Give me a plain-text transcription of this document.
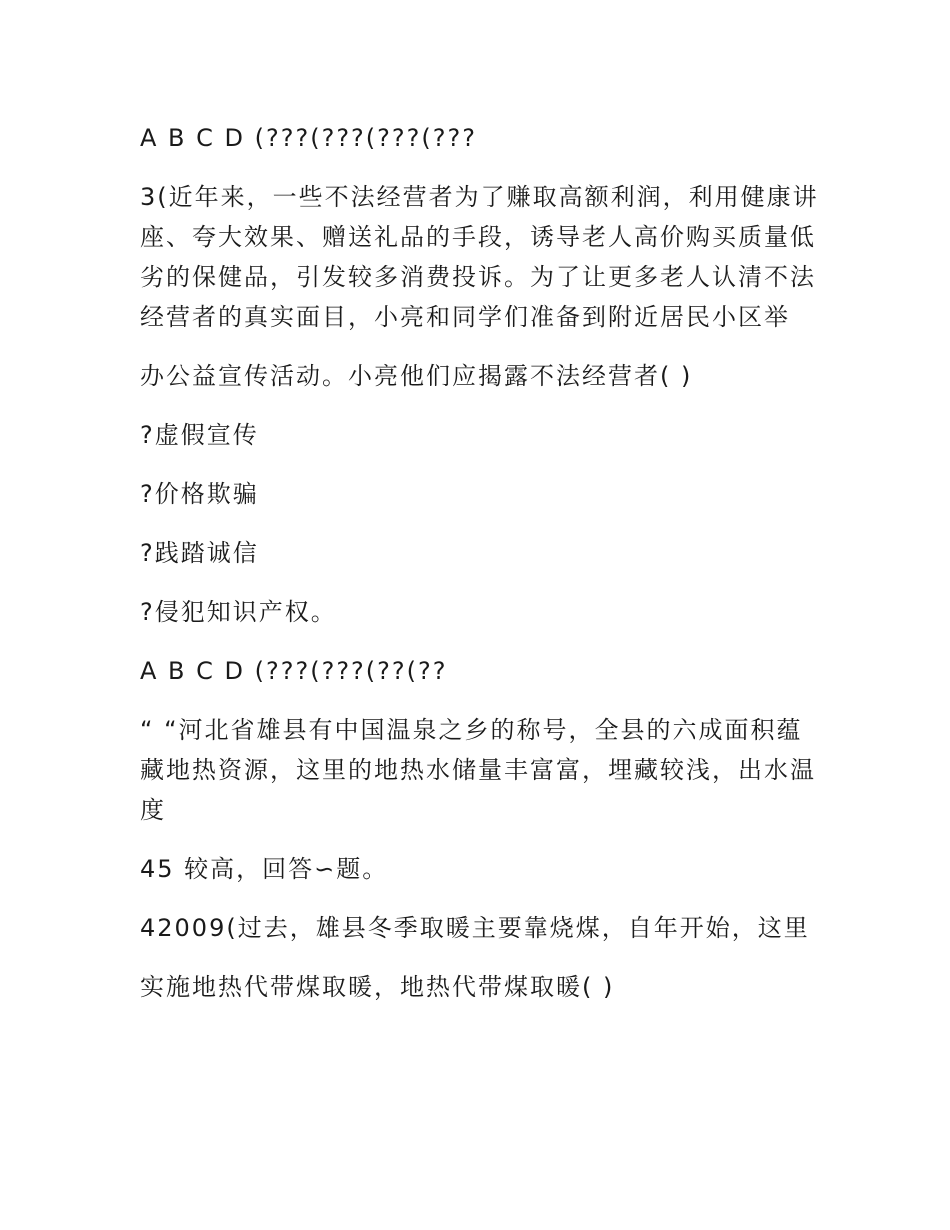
A B C D (???(???(???(???

3(近年来，一些不法经营者为了赚取高额利润，利用健康讲座、夸大效果、赠送礼品的手段，诱导老人高价购买质量低劣的保健品，引发较多消费投诉。为了让更多老人认清不法经营者的真实面目，小亮和同学们准备到附近居民小区举

办公益宣传活动。小亮他们应揭露不法经营者( )

?虚假宣传

?价格欺骗

?践踏诚信

?侵犯知识产权。

A B C D (???(???(??(??

“ “河北省雄县有中国温泉之乡的称号，全县的六成面积蕴藏地热资源，这里的地热水储量丰富富，埋藏较浅，出水温度

45 较高，回答∽题。

42009(过去，雄县冬季取暖主要靠烧煤，自年开始，这里

实施地热代带煤取暖，地热代带煤取暖( )
